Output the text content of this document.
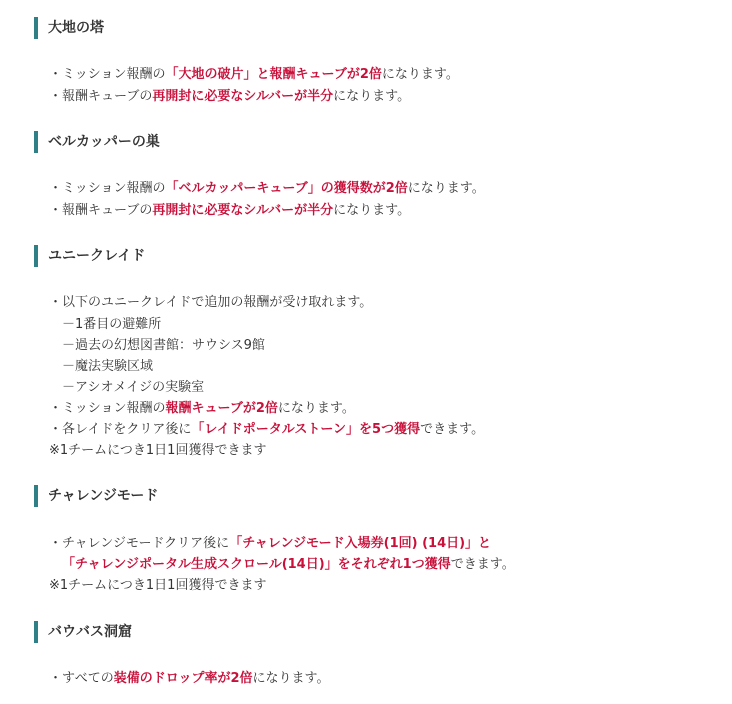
大地の塔
・ミッション報酬の「大地の破片」と報酬キューブが2倍になります。
・報酬キューブの再開封に必要なシルバーが半分になります。
ベルカッパーの巣
・ミッション報酬の「ベルカッパーキューブ」の獲得数が2倍になります。
・報酬キューブの再開封に必要なシルバーが半分になります。
ユニークレイド
・以下のユニークレイドで追加の報酬が受け取れます。
－1番目の避難所
－過去の幻想図書館：サウシス9館
－魔法実験区域
－アシオメイジの実験室
・ミッション報酬の報酬キューブが2倍になります。
・各レイドをクリア後に「レイドポータルストーン」を5つ獲得できます。
※1チームにつき1日1回獲得できます
チャレンジモード
・チャレンジモードクリア後に「チャレンジモード入場券(1回) (14日)」と
「チャレンジポータル生成スクロール(14日)」をそれぞれ1つ獲得できます。
※1チームにつき1日1回獲得できます
バウバス洞窟
・すべての装備のドロップ率が2倍になります。
